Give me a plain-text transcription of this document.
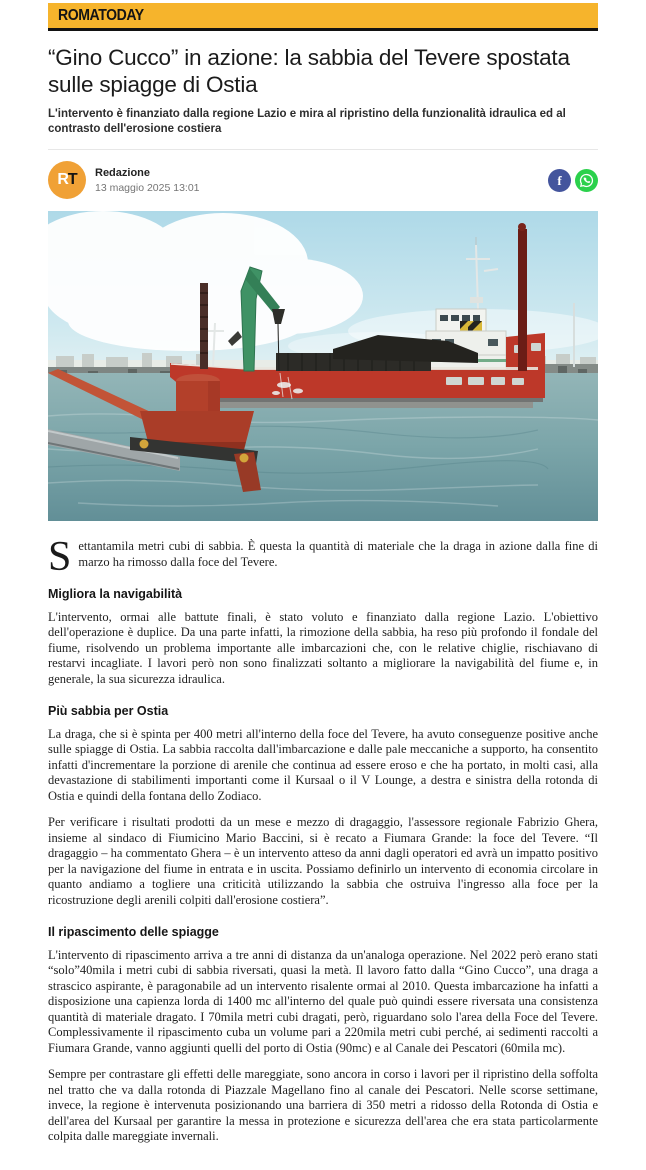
ROMATODAY
“Gino Cucco” in azione: la sabbia del Tevere spostata sulle spiagge di Ostia

L'intervento è finanziato dalla regione Lazio e mira al ripristino della funzionalità idraulica ed al contrasto dell'erosione costiera

R T Redazione
13 maggio 2025 13:01	f

Settantamila metri cubi di sabbia. È questa la quantità di materiale che la draga in azione dalla fine di marzo ha rimosso dalla foce del Tevere.

Migliora la navigabilità

L'intervento, ormai alle battute finali, è stato voluto e finanziato dalla regione Lazio. L'obiettivo dell'operazione è duplice. Da una parte infatti, la rimozione della sabbia, ha reso più profondo il fondale del fiume, risolvendo un problema importante alle imbarcazioni che, con le relative chiglie, rischiavano di restarvi incagliate. I lavori però non sono finalizzati soltanto a migliorare la navigabilità del fiume e, in generale, la sua sicurezza idraulica.

Più sabbia per Ostia

La draga, che si è spinta per 400 metri all'interno della foce del Tevere, ha avuto conseguenze positive anche sulle spiagge di Ostia. La sabbia raccolta dall'imbarcazione e dalle pale meccaniche a supporto, ha consentito infatti d'incrementare la porzione di arenile che continua ad essere eroso e che ha portato, in molti casi, alla devastazione di stabilimenti importanti come il Kursaal o il V Lounge, a destra e sinistra della rotonda di Ostia e quindi della fontana dello Zodiaco.

Per verificare i risultati prodotti da un mese e mezzo di dragaggio, l'assessore regionale Fabrizio Ghera, insieme al sindaco di Fiumicino Mario Baccini, si è recato a Fiumara Grande: la foce del Tevere. “Il dragaggio – ha commentato Ghera – è un intervento atteso da anni dagli operatori ed avrà un impatto positivo per la navigazione del fiume in entrata e in uscita. Possiamo definirlo un intervento di economia circolare in quanto andiamo a togliere una criticità utilizzando la sabbia che ostruiva l'ingresso alla foce per la ricostruzione degli arenili colpiti dall'erosione costiera”.

Il ripascimento delle spiagge

L'intervento di ripascimento arriva a tre anni di distanza da un'analoga operazione. Nel 2022 però erano stati “solo”40mila i metri cubi di sabbia riversati, quasi la metà. Il lavoro fatto dalla “Gino Cucco”, una draga a strascico aspirante, è paragonabile ad un intervento risalente ormai al 2010. Questa imbarcazione ha infatti a disposizione una capienza lorda di 1400 mc all'interno del quale può quindi essere riversata una consistenza quantità di materiale dragato. I 70mila metri cubi dragati, però, riguardano solo l'area della Foce del Tevere. Complessivamente il ripascimento cuba un volume pari a 220mila metri cubi perché, ai sedimenti raccolti a Fiumara Grande, vanno aggiunti quelli del porto di Ostia (90mc) e al Canale dei Pescatori (60mila mc).

Sempre per contrastare gli effetti delle mareggiate, sono ancora in corso i lavori per il ripristino della soffolta nel tratto che va dalla rotonda di Piazzale Magellano fino al canale dei Pescatori. Nelle scorse settimane, invece, la regione è intervenuta posizionando una barriera di 350 metri a ridosso della Rotonda di Ostia e dell'area del Kursaal per garantire la messa in protezione e sicurezza dell'area che era stata particolarmente colpita dalle mareggiate invernali.
